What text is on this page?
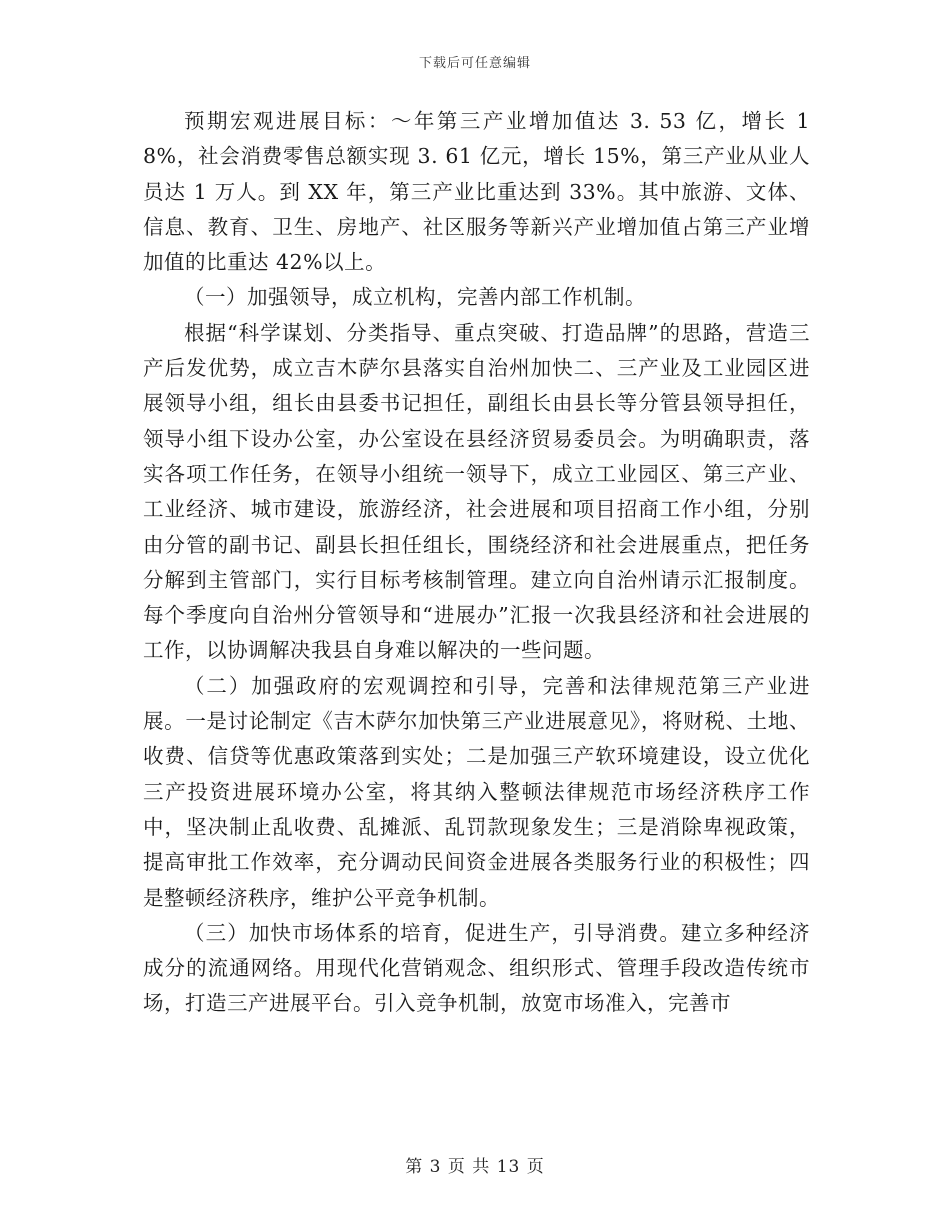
下载后可任意编辑

预期宏观进展目标：～年第三产业增加值达 3. 53 亿，增长 18%，社会消费零售总额实现 3. 61 亿元，增长 15%，第三产业从业人员达 1 万人。到 XX 年，第三产业比重达到 33%。其中旅游、文体、信息、教育、卫生、房地产、社区服务等新兴产业增加值占第三产业增加值的比重达 42%以上。

（一）加强领导，成立机构，完善内部工作机制。

根据“科学谋划、分类指导、重点突破、打造品牌”的思路，营造三产后发优势，成立吉木萨尔县落实自治州加快二、三产业及工业园区进展领导小组，组长由县委书记担任，副组长由县长等分管县领导担任，领导小组下设办公室，办公室设在县经济贸易委员会。为明确职责，落实各项工作任务，在领导小组统一领导下，成立工业园区、第三产业、工业经济、城市建设，旅游经济，社会进展和项目招商工作小组，分别由分管的副书记、副县长担任组长，围绕经济和社会进展重点，把任务分解到主管部门，实行目标考核制管理。建立向自治州请示汇报制度。每个季度向自治州分管领导和“进展办”汇报一次我县经济和社会进展的工作，以协调解决我县自身难以解决的一些问题。

（二）加强政府的宏观调控和引导，完善和法律规范第三产业进展。一是讨论制定《吉木萨尔加快第三产业进展意见》，将财税、土地、收费、信贷等优惠政策落到实处；二是加强三产软环境建设，设立优化三产投资进展环境办公室，将其纳入整顿法律规范市场经济秩序工作中，坚决制止乱收费、乱摊派、乱罚款现象发生；三是消除卑视政策，提高审批工作效率，充分调动民间资金进展各类服务行业的积极性；四是整顿经济秩序，维护公平竞争机制。

（三）加快市场体系的培育，促进生产，引导消费。建立多种经济成分的流通网络。用现代化营销观念、组织形式、管理手段改造传统市场，打造三产进展平台。引入竞争机制，放宽市场准入，完善市

第 3 页 共 13 页
